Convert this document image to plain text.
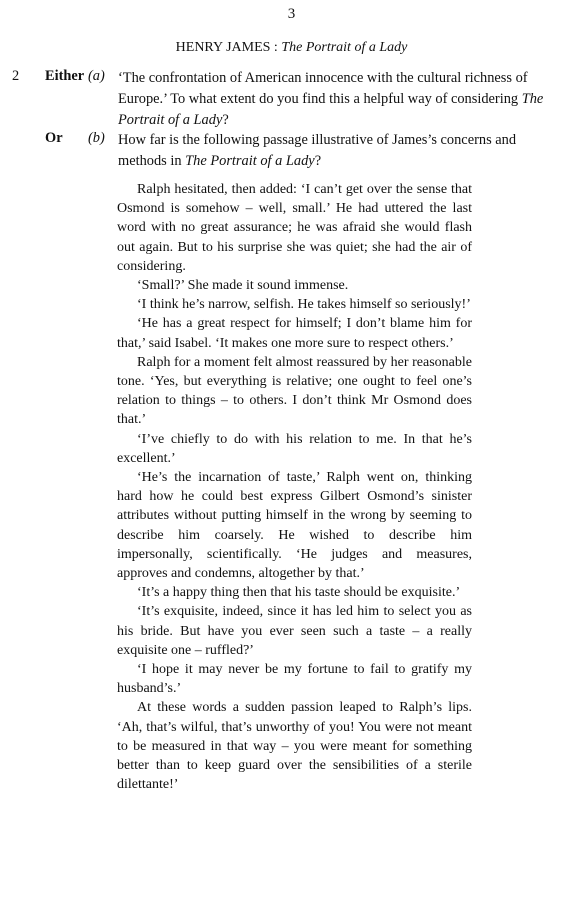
3
HENRY JAMES : The Portrait of a Lady
2 Either (a) ‘The confrontation of American innocence with the cultural richness of Europe.’ To what extent do you find this a helpful way of considering The Portrait of a Lady?
Or (b) How far is the following passage illustrative of James’s concerns and methods in The Portrait of a Lady?

Ralph hesitated, then added: ‘I can’t get over the sense that Osmond is somehow – well, small.’ He had uttered the last word with no great assurance; he was afraid she would flash out again. But to his surprise she was quiet; she had the air of considering.

‘Small?’ She made it sound immense.

‘I think he’s narrow, selfish. He takes himself so seriously!’

‘He has a great respect for himself; I don’t blame him for that,’ said Isabel. ‘It makes one more sure to respect others.’

Ralph for a moment felt almost reassured by her reasonable tone. ‘Yes, but everything is relative; one ought to feel one’s relation to things – to others. I don’t think Mr Osmond does that.’

‘I’ve chiefly to do with his relation to me. In that he’s excellent.’

‘He’s the incarnation of taste,’ Ralph went on, thinking hard how he could best express Gilbert Osmond’s sinister attributes without putting himself in the wrong by seeming to describe him coarsely. He wished to describe him impersonally, scientifically. ‘He judges and measures, approves and condemns, altogether by that.’

‘It’s a happy thing then that his taste should be exquisite.’

‘It’s exquisite, indeed, since it has led him to select you as his bride. But have you ever seen such a taste – a really exquisite one – ruffled?’

‘I hope it may never be my fortune to fail to gratify my husband’s.’

At these words a sudden passion leaped to Ralph’s lips. ‘Ah, that’s wilful, that’s unworthy of you! You were not meant to be measured in that way – you were meant for something better than to keep guard over the sensibilities of a sterile dilettante!’
